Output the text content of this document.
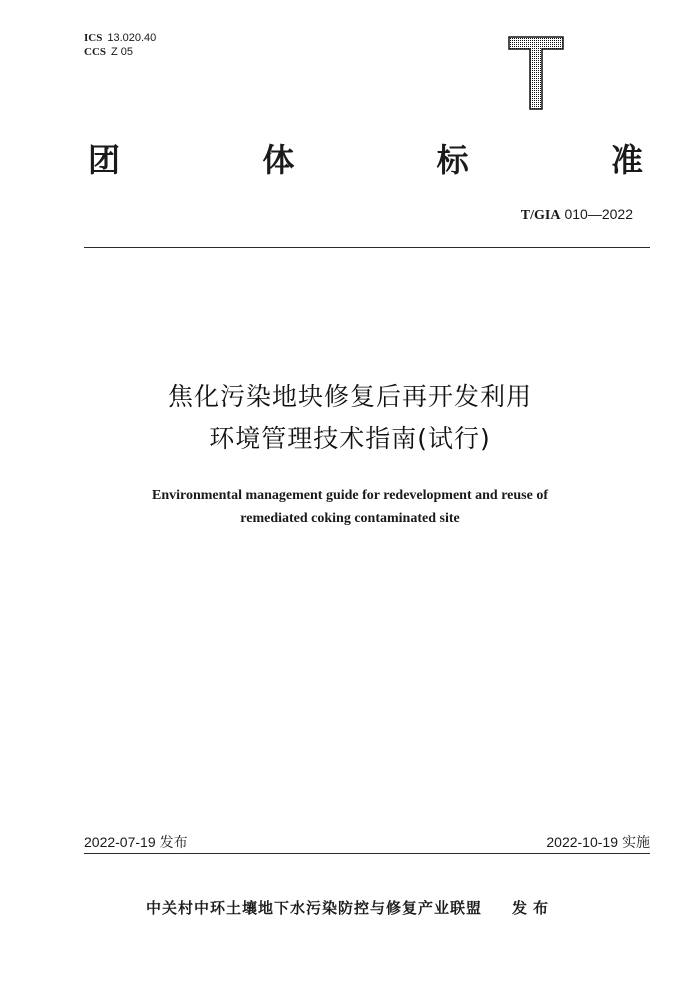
ICS 13.020.40
CCS Z 05
团	体	标	准
T/GIA 010—2022
焦化污染地块修复后再开发利用
环境管理技术指南(试行)
Environmental management guide for redevelopment and reuse of
remediated coking contaminated site
2022-07-19 发布	2022-10-19 实施
中关村中环土壤地下水污染防控与修复产业联盟 发布
